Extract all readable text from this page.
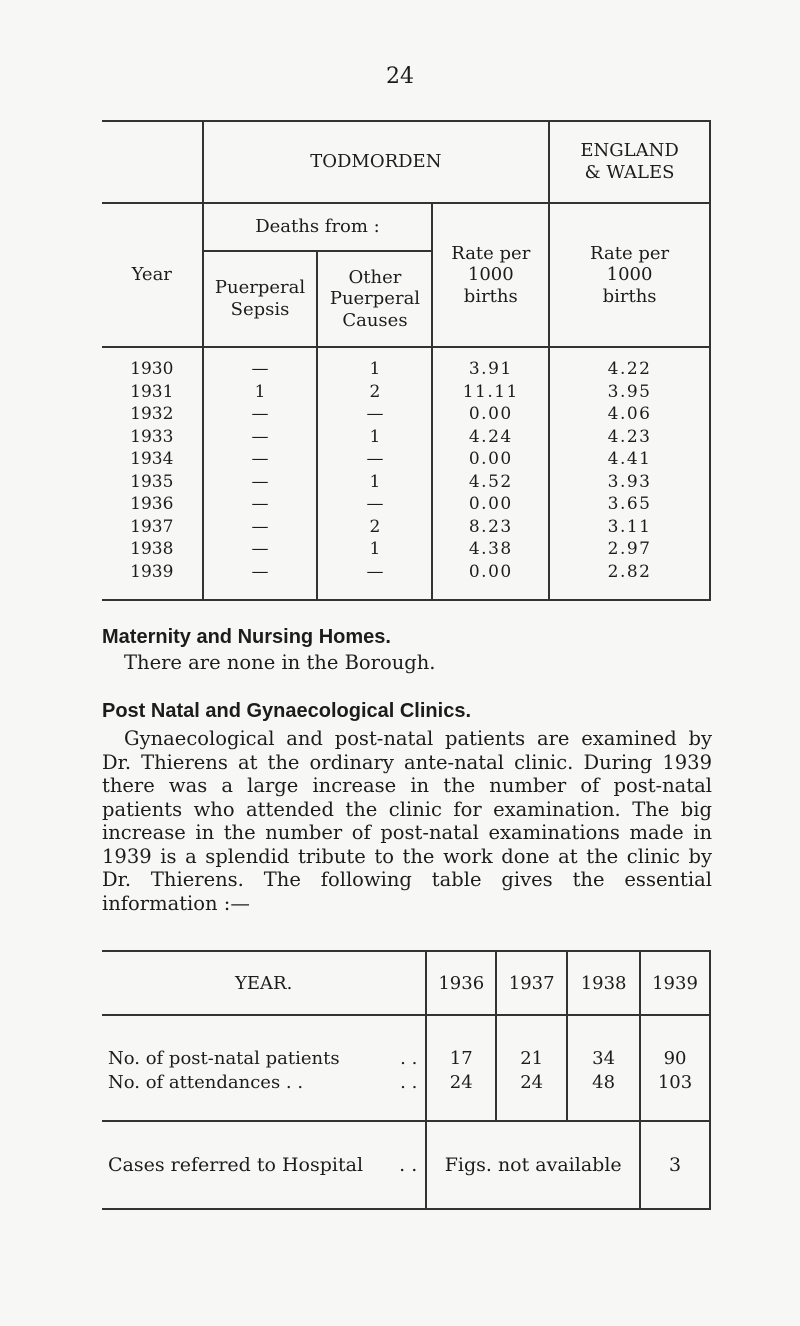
24
	TODMORDEN			ENGLAND & WALES
Year	Deaths from :		Rate per 1000 births	Rate per 1000 births
	Puerperal Sepsis	Other Puerperal Causes		
1930	—	1	3.91	4.22
1931	1	2	11.11	3.95
1932	—	—	0.00	4.06
1933	—	1	4.24	4.23
1934	—	—	0.00	4.41
1935	—	1	4.52	3.93
1936	—	—	0.00	3.65
1937	—	2	8.23	3.11
1938	—	1	4.38	2.97
1939	—	—	0.00	2.82
Maternity and Nursing Homes.
There are none in the Borough.
Post Natal and Gynaecological Clinics.
Gynaecological and post-natal patients are examined by Dr. Thierens at the ordinary ante-natal clinic. During 1939 there was a large increase in the number of post-natal patients who attended the clinic for examination. The big increase in the number of post-natal examinations made in 1939 is a splendid tribute to the work done at the clinic by Dr. Thierens. The following table gives the essential information :—
YEAR.	1936	1937	1938	1939
No. of post-natal patients . .	17	21	34	90
No. of attendances . . . .	24	24	48	103
Cases referred to Hospital . .	Figs. not available			3
